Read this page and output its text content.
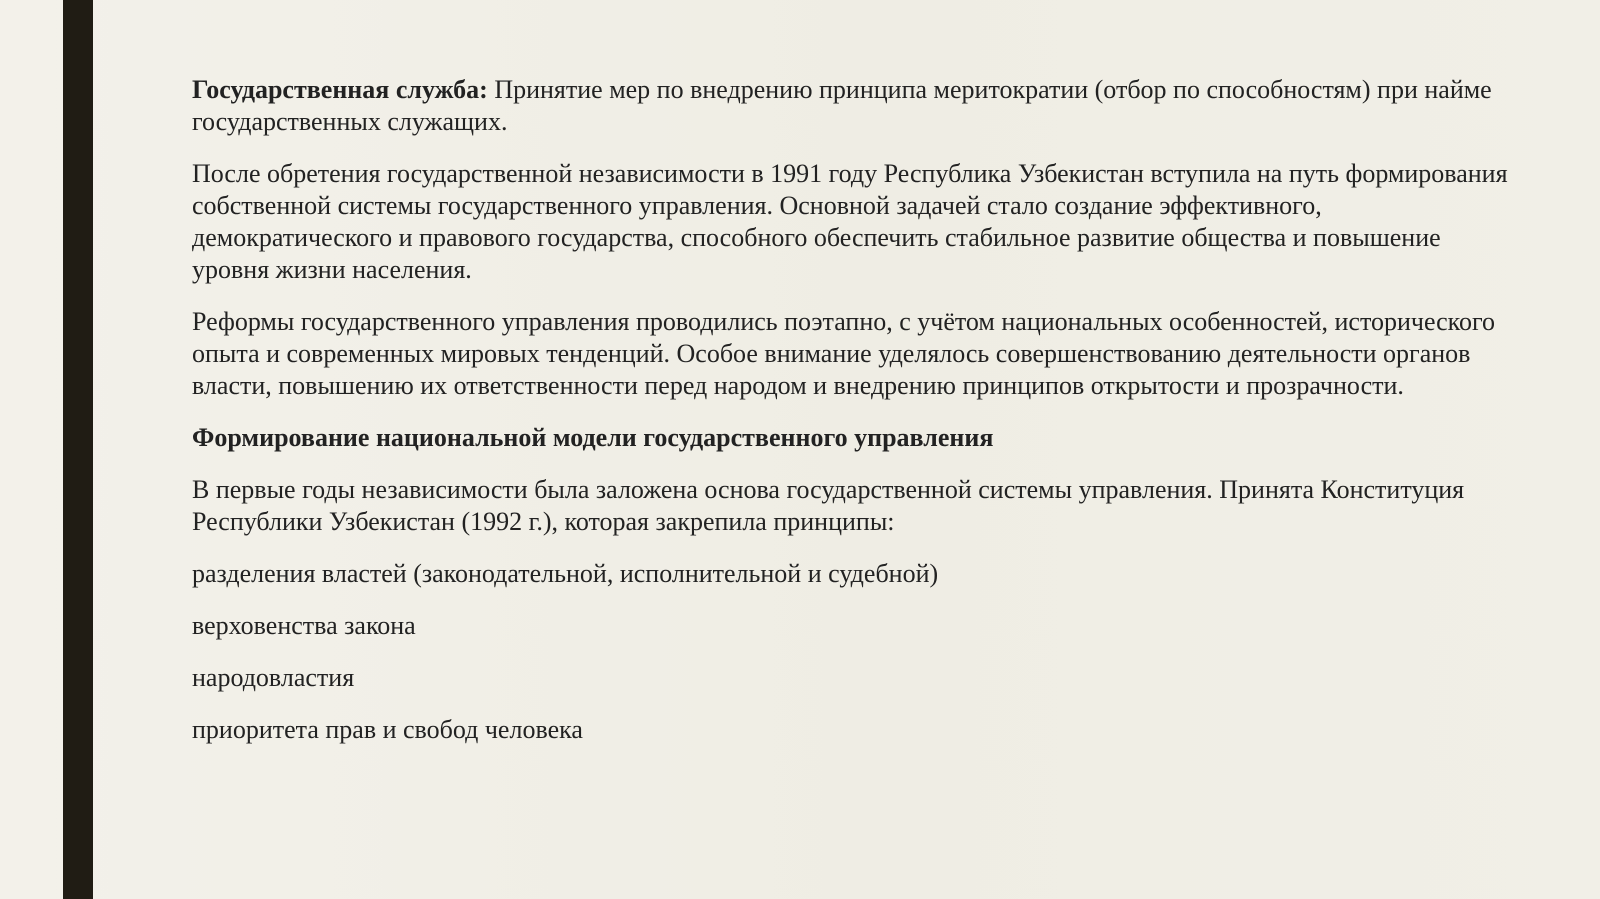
Государственная служба: Принятие мер по внедрению принципа меритократии (отбор по способностям) при найме государственных служащих.

После обретения государственной независимости в 1991 году Республика Узбекистан вступила на путь формирования собственной системы государственного управления. Основной задачей стало создание эффективного, демократического и правового государства, способного обеспечить стабильное развитие общества и повышение уровня жизни населения.

Реформы государственного управления проводились поэтапно, с учётом национальных особенностей, исторического опыта и современных мировых тенденций. Особое внимание уделялось совершенствованию деятельности органов власти, повышению их ответственности перед народом и внедрению принципов открытости и прозрачности.

Формирование национальной модели государственного управления

В первые годы независимости была заложена основа государственной системы управления. Принята Конституция Республики Узбекистан (1992 г.), которая закрепила принципы:

разделения властей (законодательной, исполнительной и судебной)

верховенства закона

народовластия

приоритета прав и свобод человека
